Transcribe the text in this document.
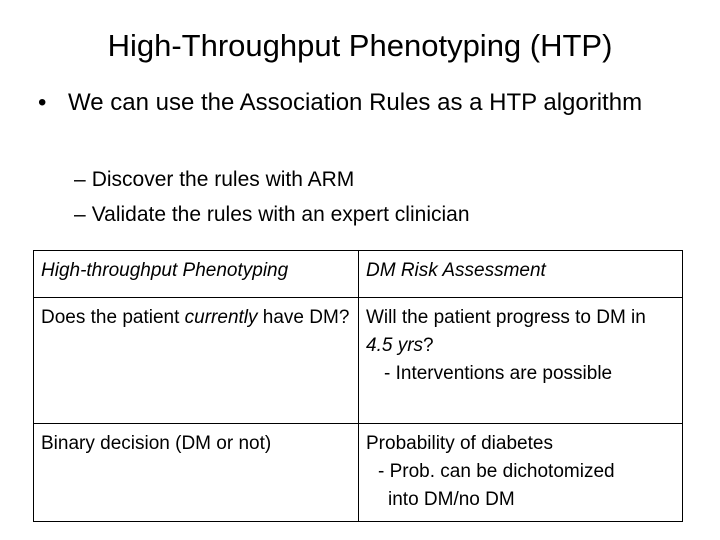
High-Throughput Phenotyping (HTP)
• We can use the Association Rules as a HTP algorithm
– Discover the rules with ARM
– Validate the rules with an expert clinician
High-throughput Phenotyping	DM Risk Assessment
Does the patient currently have DM?	Will the patient progress to DM in 4.5 yrs?
- Interventions are possible

Binary decision (DM or not)	Probability of diabetes
- Prob. can be dichotomized
into DM/no DM
